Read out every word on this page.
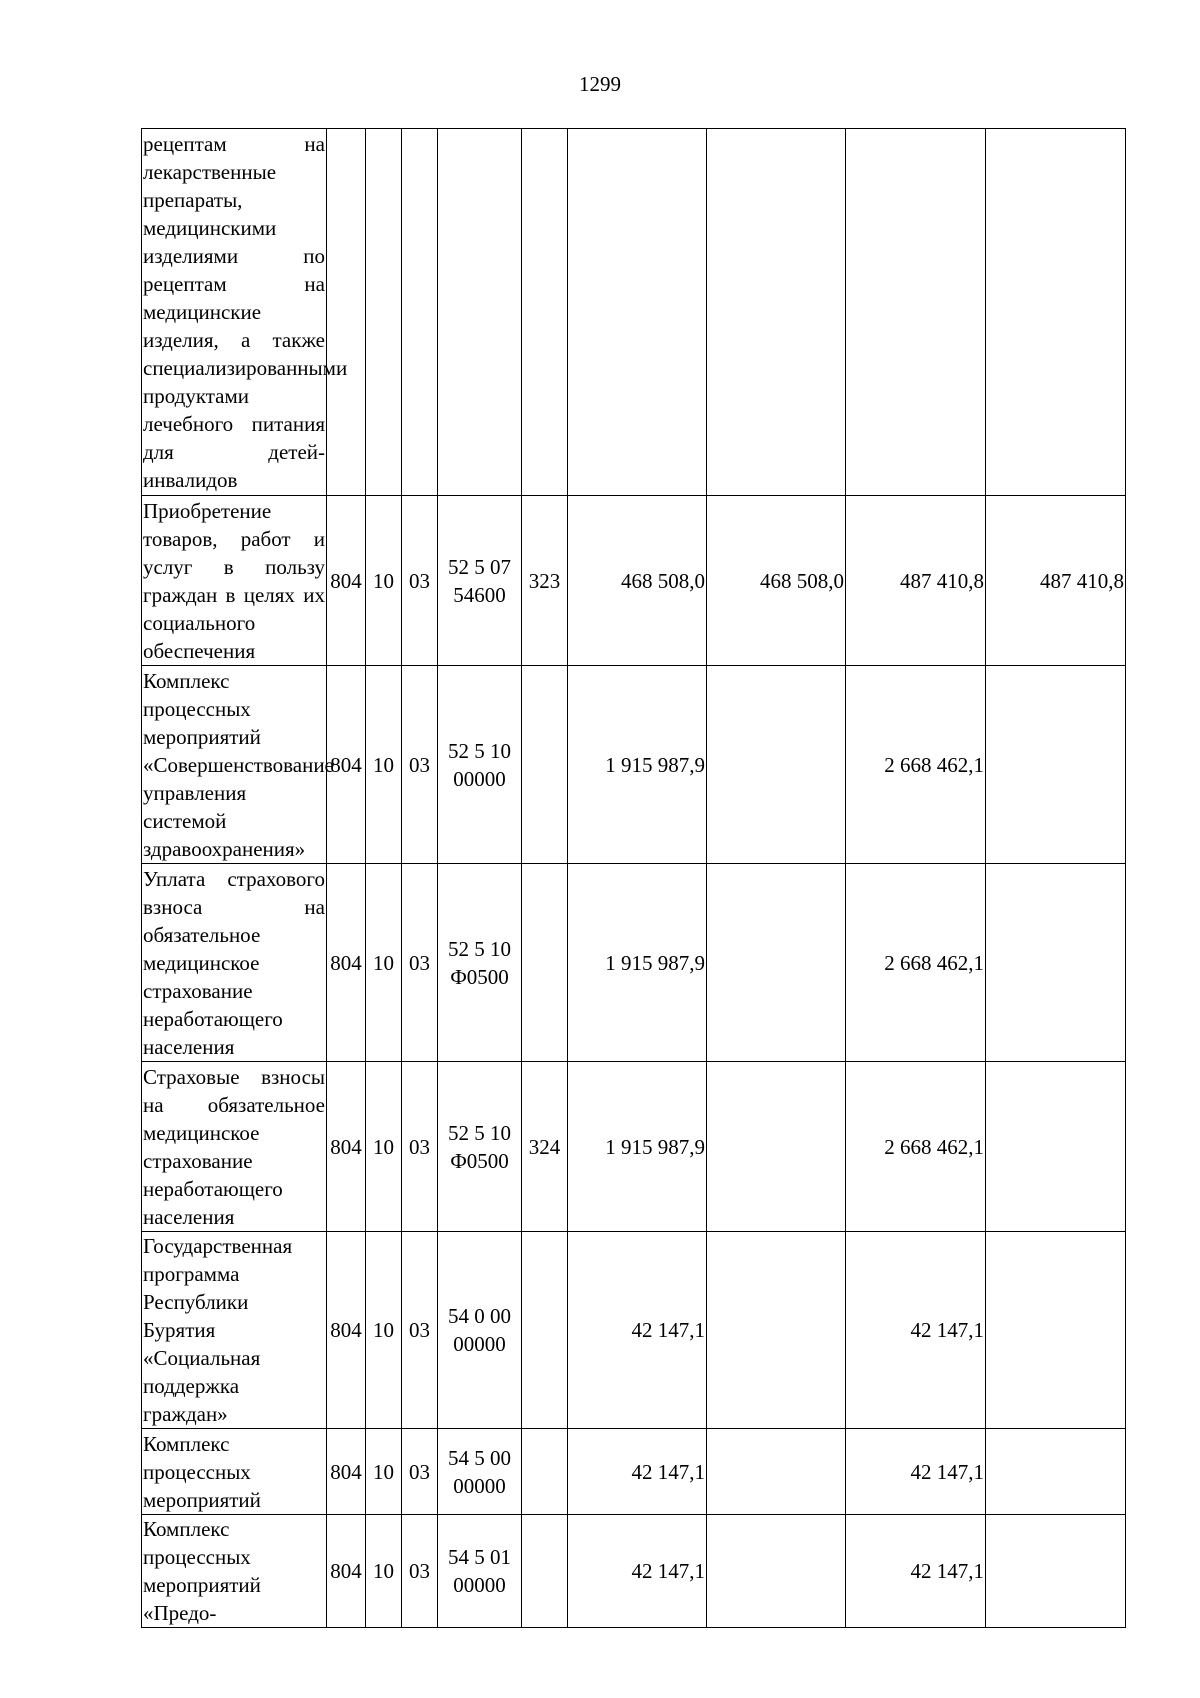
1299
рецептам на лекарственные препараты, медицинскими изделиями по рецептам на медицинские изделия, а также специализированными продуктами лечебного питания для детей-инвалидов									
Приобретение товаров, работ и услуг в пользу граждан в целях их социального обеспечения	804	10	03	52 5 07 54600	323	468 508,0	468 508,0	487 410,8	487 410,8
Комплекс процессных мероприятий «Совершенствование управления системой здравоохранения»	804	10	03	52 5 10 00000		1 915 987,9		2 668 462,1	
Уплата страхового взноса на обязательное медицинское страхование неработающего населения	804	10	03	52 5 10 Ф0500		1 915 987,9		2 668 462,1	
Страховые взносы на обязательное медицинское страхование неработающего населения	804	10	03	52 5 10 Ф0500	324	1 915 987,9		2 668 462,1	
Государственная программа Республики Бурятия «Социальная поддержка граждан»	804	10	03	54 0 00 00000		42 147,1		42 147,1	
Комплекс процессных мероприятий	804	10	03	54 5 00 00000		42 147,1		42 147,1	
Комплекс процессных мероприятий «Предо-	804	10	03	54 5 01 00000		42 147,1		42 147,1	
